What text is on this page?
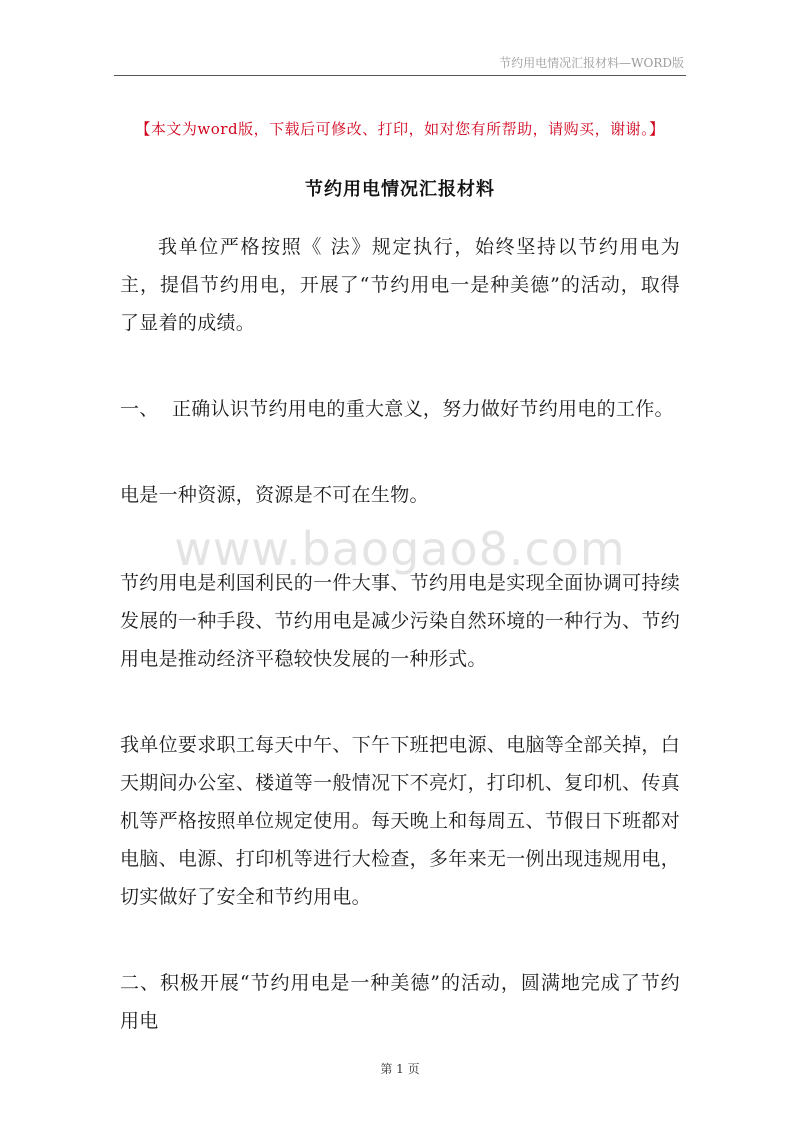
节约用电情况汇报材料—WORD版
【本文为word版，下载后可修改、打印，如对您有所帮助，请购买，谢谢。】
节约用电情况汇报材料
www.baogao8.com

我单位严格按照《 法》规定执行，始终坚持以节约用电为主，提倡节约用电，开展了“节约用电一是种美德”的活动，取得了显着的成绩。

一、 正确认识节约用电的重大意义，努力做好节约用电的工作。

电是一种资源，资源是不可在生物。

节约用电是利国利民的一件大事、节约用电是实现全面协调可持续发展的一种手段、节约用电是减少污染自然环境的一种行为、节约用电是推动经济平稳较快发展的一种形式。

我单位要求职工每天中午、下午下班把电源、电脑等全部关掉，白天期间办公室、楼道等一般情况下不亮灯，打印机、复印机、传真机等严格按照单位规定使用。每天晚上和每周五、节假日下班都对电脑、电源、打印机等进行大检查，多年来无一例出现违规用电，切实做好了安全和节约用电。

二、积极开展“节约用电是一种美德”的活动，圆满地完成了节约用电

第 1 页
